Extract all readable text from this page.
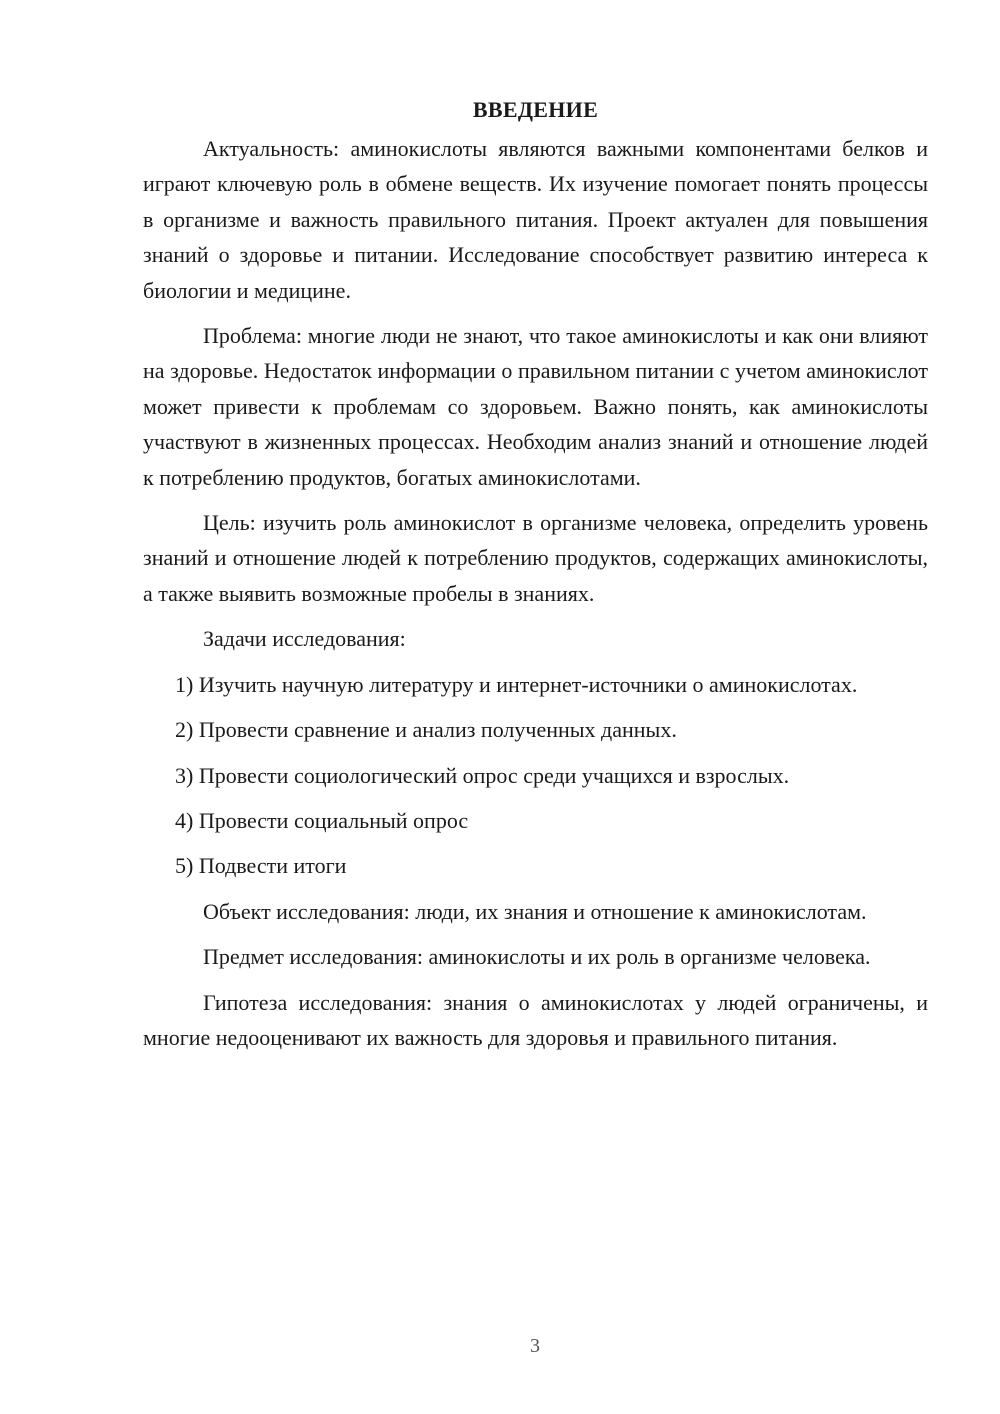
ВВЕДЕНИЕ

Актуальность: аминокислоты являются важными компонентами белков и играют ключевую роль в обмене веществ. Их изучение помогает понять процессы в организме и важность правильного питания. Проект актуален для повышения знаний о здоровье и питании. Исследование способствует развитию интереса к биологии и медицине.

Проблема: многие люди не знают, что такое аминокислоты и как они влияют на здоровье. Недостаток информации о правильном питании с учетом аминокислот может привести к проблемам со здоровьем. Важно понять, как аминокислоты участвуют в жизненных процессах. Необходим анализ знаний и отношение людей к потреблению продуктов, богатых аминокислотами.

Цель: изучить роль аминокислот в организме человека, определить уровень знаний и отношение людей к потреблению продуктов, содержащих аминокислоты, а также выявить возможные пробелы в знаниях.

Задачи исследования:

1) Изучить научную литературу и интернет-источники о аминокислотах.

2) Провести сравнение и анализ полученных данных.

3) Провести социологический опрос среди учащихся и взрослых.

4) Провести социальный опрос

5) Подвести итоги

Объект исследования: люди, их знания и отношение к аминокислотам.

Предмет исследования: аминокислоты и их роль в организме человека.

Гипотеза исследования: знания о аминокислотах у людей ограничены, и многие недооценивают их важность для здоровья и правильного питания.

3
